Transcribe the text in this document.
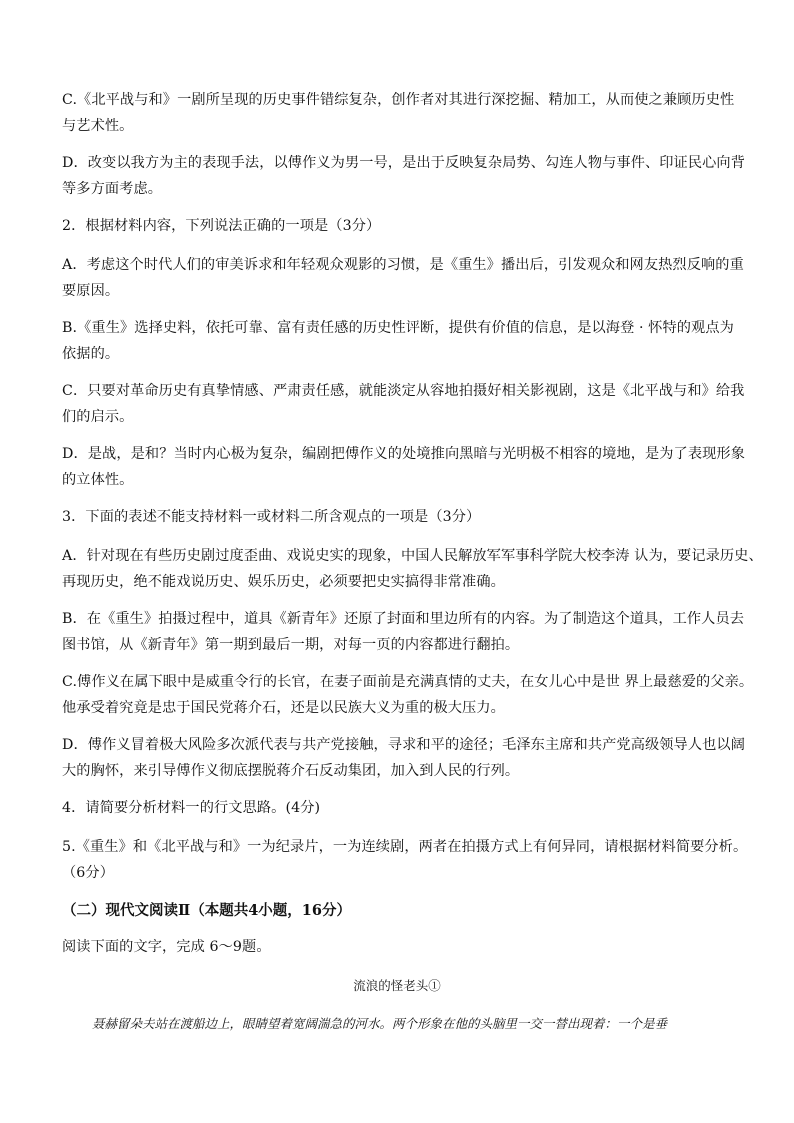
C.《北平战与和》一剧所呈现的历史事件错综复杂，创作者对其进行深挖掘、精加工，从而使之兼顾历史性
与艺术性。
D．改变以我方为主的表现手法，以傅作义为男一号，是出于反映复杂局势、勾连人物与事件、印证民心向背
等多方面考虑。
2．根据材料内容，下列说法正确的一项是（3分）
A．考虑这个时代人们的审美诉求和年轻观众观影的习惯，是《重生》播出后，引发观众和网友热烈反响的重
要原因。
B.《重生》选择史料，依托可靠、富有责任感的历史性评断，提供有价值的信息，是以海登 · 怀特的观点为
依据的。
C．只要对革命历史有真挚情感、严肃责任感，就能淡定从容地拍摄好相关影视剧，这是《北平战与和》给我
们的启示。
D．是战，是和？当时内心极为复杂，编剧把傅作义的处境推向黑暗与光明极不相容的境地，是为了表现形象
的立体性。
3．下面的表述不能支持材料一或材料二所含观点的一项是（3分）
A．针对现在有些历史剧过度歪曲、戏说史实的现象，中国人民解放军军事科学院大校李涛 认为，要记录历史、
再现历史，绝不能戏说历史、娱乐历史，必须要把史实搞得非常准确。
B．在《重生》拍摄过程中，道具《新青年》还原了封面和里边所有的内容。为了制造这个道具，工作人员去
图书馆，从《新青年》第一期到最后一期，对每一页的内容都进行翻拍。
C.傅作义在属下眼中是威重令行的长官，在妻子面前是充满真情的丈夫，在女儿心中是世 界上最慈爱的父亲。
他承受着究竟是忠于国民党蒋介石，还是以民族大义为重的极大压力。
D．傅作义冒着极大风险多次派代表与共产党接触，寻求和平的途径；毛泽东主席和共产党高级领导人也以阔
大的胸怀，来引导傅作义彻底摆脱蒋介石反动集团，加入到人民的行列。
4．请简要分析材料一的行文思路。(4分)
5.《重生》和《北平战与和》一为纪录片，一为连续剧，两者在拍摄方式上有何异同，请根据材料简要分析。
（6分）
（二）现代文阅读Ⅱ（本题共4小题，16分）
阅读下面的文字，完成 6～9题。
流浪的怪老头①
聂赫留朵夫站在渡船边上，眼睛望着宽阔湍急的河水。两个形象在他的头脑里一交一替出现着：一个是垂
